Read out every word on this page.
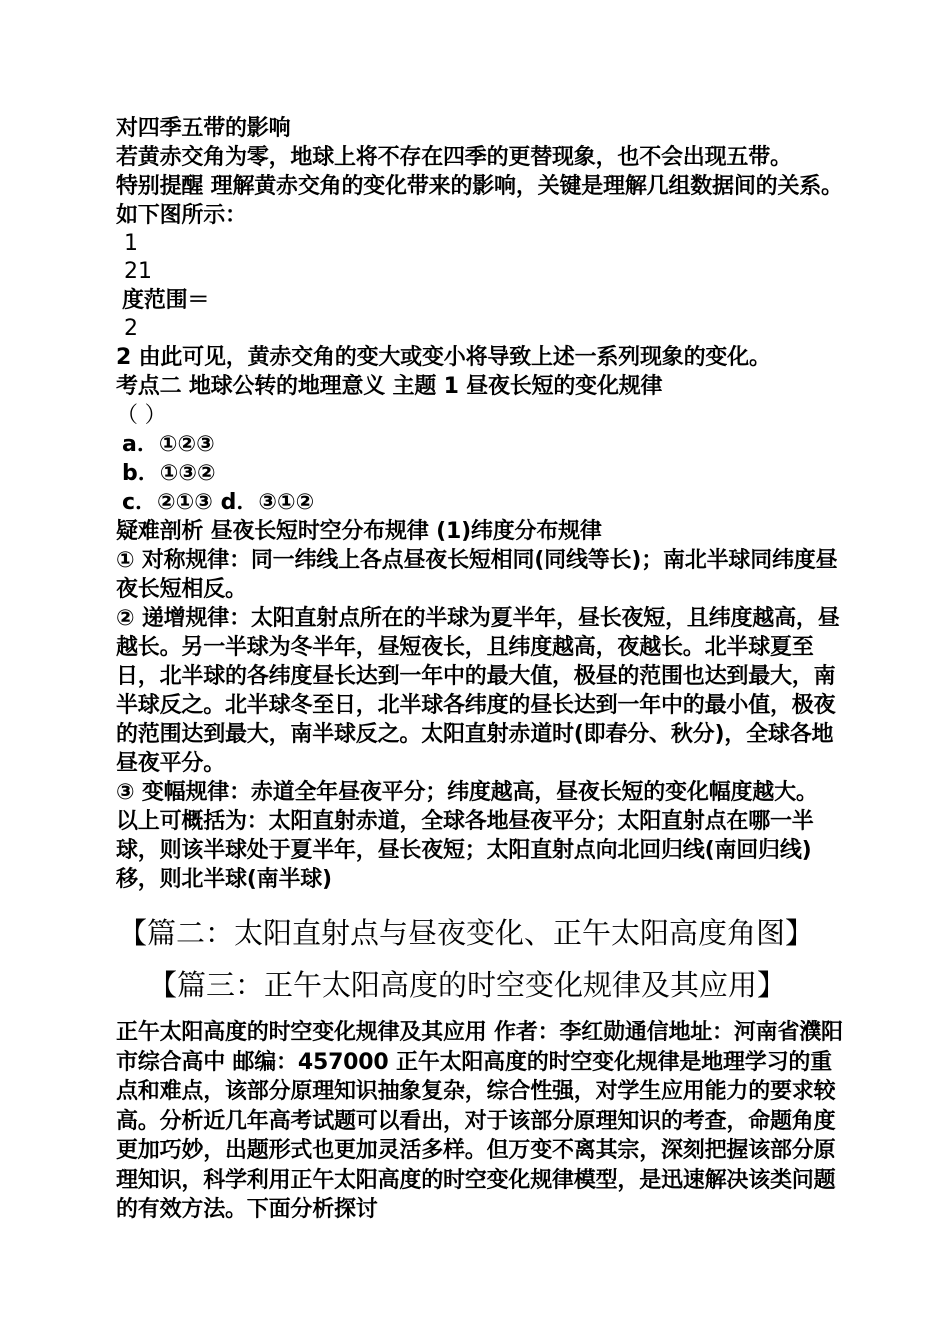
对四季五带的影响

若黄赤交角为零，地球上将不存在四季的更替现象，也不会出现五带。

特别提醒 理解黄赤交角的变化带来的影响，关键是理解几组数据间的关系。如下图所示：

1

21

度范围＝

2

2 由此可见，黄赤交角的变大或变小将导致上述一系列现象的变化。

考点二 地球公转的地理意义 主题 1 昼夜长短的变化规律

（ ）

a．①②③

b．①③②

c．②①③ d．③①②

疑难剖析 昼夜长短时空分布规律 (1)纬度分布规律

① 对称规律：同一纬线上各点昼夜长短相同(同线等长)；南北半球同纬度昼夜长短相反。

② 递增规律：太阳直射点所在的半球为夏半年，昼长夜短，且纬度越高，昼越长。另一半球为冬半年，昼短夜长，且纬度越高，夜越长。北半球夏至日，北半球的各纬度昼长达到一年中的最大值，极昼的范围也达到最大，南半球反之。北半球冬至日，北半球各纬度的昼长达到一年中的最小值，极夜的范围达到最大，南半球反之。太阳直射赤道时(即春分、秋分)，全球各地昼夜平分。

③ 变幅规律：赤道全年昼夜平分；纬度越高，昼夜长短的变化幅度越大。

以上可概括为：太阳直射赤道，全球各地昼夜平分；太阳直射点在哪一半球，则该半球处于夏半年，昼长夜短；太阳直射点向北回归线(南回归线)移，则北半球(南半球)

【篇二：太阳直射点与昼夜变化、正午太阳高度角图】
【篇三：正午太阳高度的时空变化规律及其应用】

正午太阳高度的时空变化规律及其应用 作者：李红勋通信地址：河南省濮阳市综合高中 邮编：457000 正午太阳高度的时空变化规律是地理学习的重点和难点，该部分原理知识抽象复杂，综合性强，对学生应用能力的要求较高。分析近几年高考试题可以看出，对于该部分原理知识的考查，命题角度更加巧妙，出题形式也更加灵活多样。但万变不离其宗，深刻把握该部分原理知识，科学利用正午太阳高度的时空变化规律模型，是迅速解决该类问题的有效方法。下面分析探讨
